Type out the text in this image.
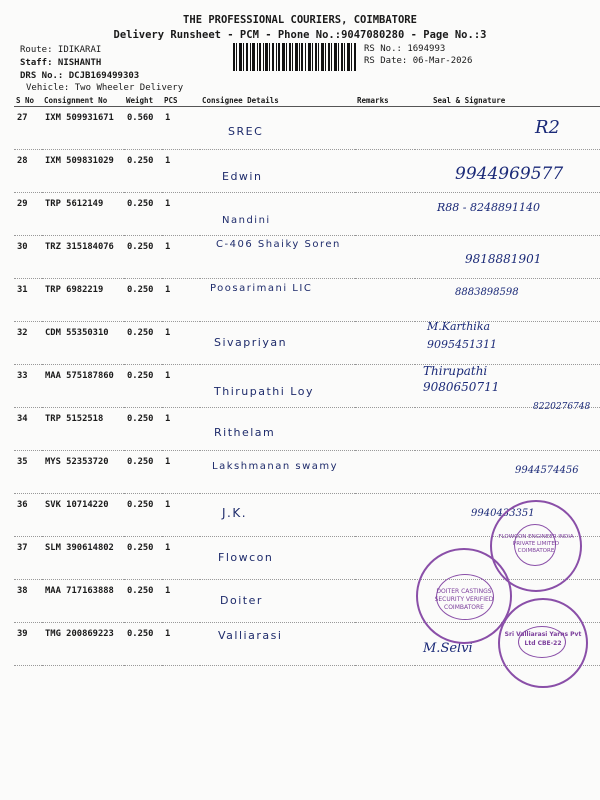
THE PROFESSIONAL COURIERS, COIMBATORE
Delivery Runsheet - PCM - Phone No.:9047080280 - Page No.:3
Route: IDIKARAI
Staff: NISHANTH
DRS No.: DCJB169499303
Vehicle: Two Wheeler Delivery
RS No.: 1694993
RS Date: 06-Mar-2026
S No	Consignment No	Weight	PCS	Consignee Details	Remarks	Seal & Signature
27	IXM 509931671	0.560	1	SREC		R2

28	IXM 509831029	0.250	1	Edwin		9944969577

29	TRP 5612149	0.250	1	Nandini		R88 - 8248891140

30	TRZ 315184076	0.250	1	C-406 Shaiky Soren		9818881901

31	TRP 6982219	0.250	1	Poosarimani LIC		8883898598

32	CDM 55350310	0.250	1	Sivapriyan		M.Karthika 9095451311

33	MAA 575187860	0.250	1	Thirupathi Loy		Thirupathi 9080650711

34	TRP 5152518	0.250	1	Rithelam		8220276748

35	MYS 52353720	0.250	1	Lakshmanan swamy		9944574456

36	SVK 10714220	0.250	1	J.K.		9940433351

37	SLM 390614802	0.250	1	Flowcon		

38	MAA 717163888	0.250	1	Doiter		

39	TMG 200869223	0.250	1	Valliarasi		M.Selvi
DOITER CASTINGS SECURITY VERIFIED COIMBATORE
FLOWCON ENGINEER INDIA PRIVATE LIMITED COIMBATORE
Sri Valliarasi Yarns Pvt Ltd CBE-22
